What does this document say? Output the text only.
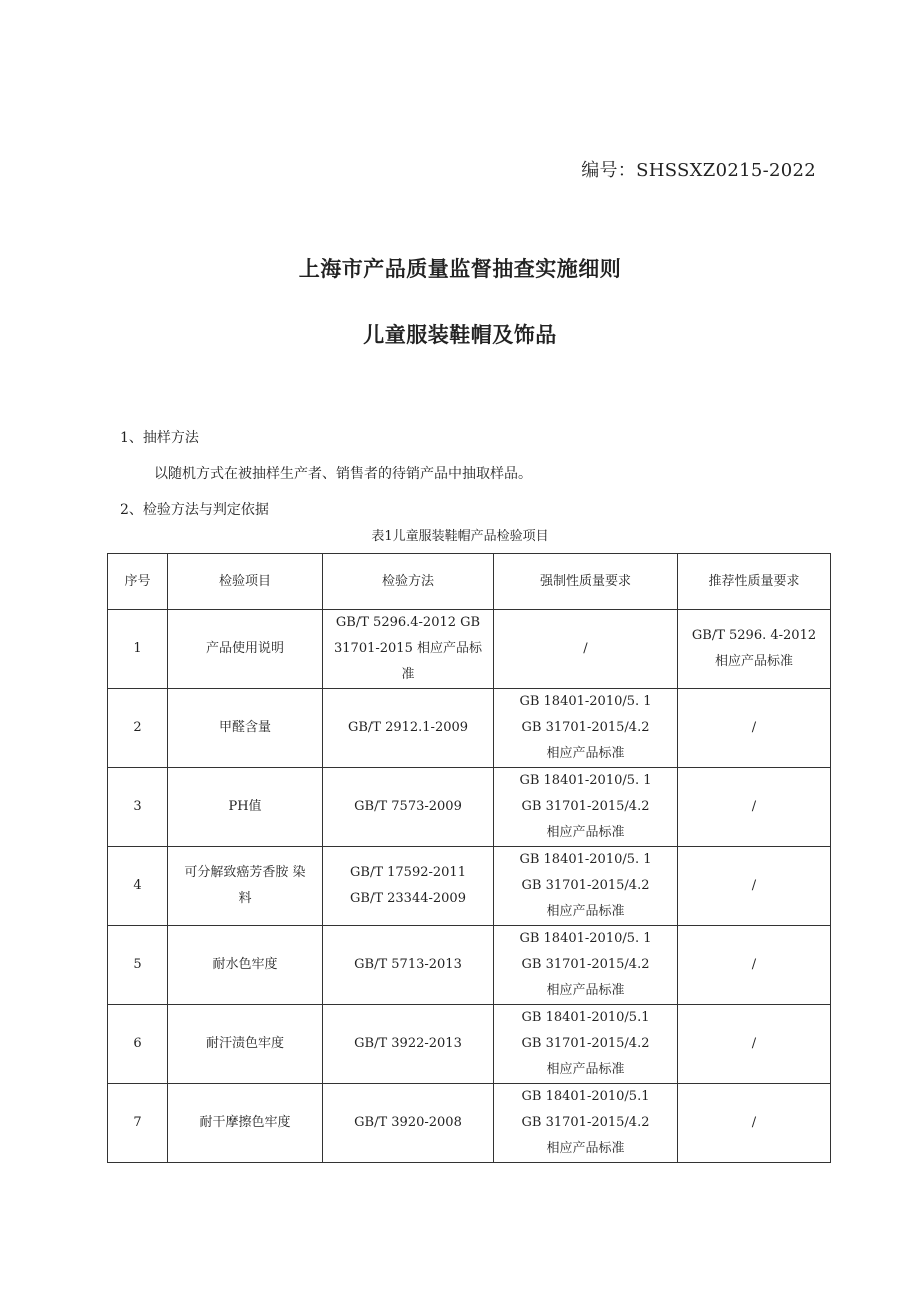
编号：SHSSXZ0215-2022
上海市产品质量监督抽查实施细则
儿童服装鞋帽及饰品
1、抽样方法
以随机方式在被抽样生产者、销售者的待销产品中抽取样品。
2、检验方法与判定依据
表1儿童服装鞋帽产品检验项目
序号	检验项目	检验方法	强制性质量要求	推荐性质量要求
1	产品使用说明	GB/T 5296.4-2012 GB
31701-2015 相应产品标
准	/	GB/T 5296. 4-2012
相应产品标准

2	甲醛含量	GB/T 2912.1-2009	GB 18401-2010/5. 1
GB 31701-2015/4.2
相应产品标准	/

3	PH值	GB/T 7573-2009	GB 18401-2010/5. 1
GB 31701-2015/4.2
相应产品标准	/

4	可分解致癌芳香胺 染
料	GB/T 17592-2011
GB/T 23344-2009	GB 18401-2010/5. 1
GB 31701-2015/4.2
相应产品标准	/

5	耐水色牢度	GB/T 5713-2013	GB 18401-2010/5. 1
GB 31701-2015/4.2
相应产品标准	/

6	耐汗渍色牢度	GB/T 3922-2013	GB 18401-2010/5.1
GB 31701-2015/4.2
相应产品标准	/

7	耐干摩擦色牢度	GB/T 3920-2008	GB 18401-2010/5.1
GB 31701-2015/4.2
相应产品标准	/
